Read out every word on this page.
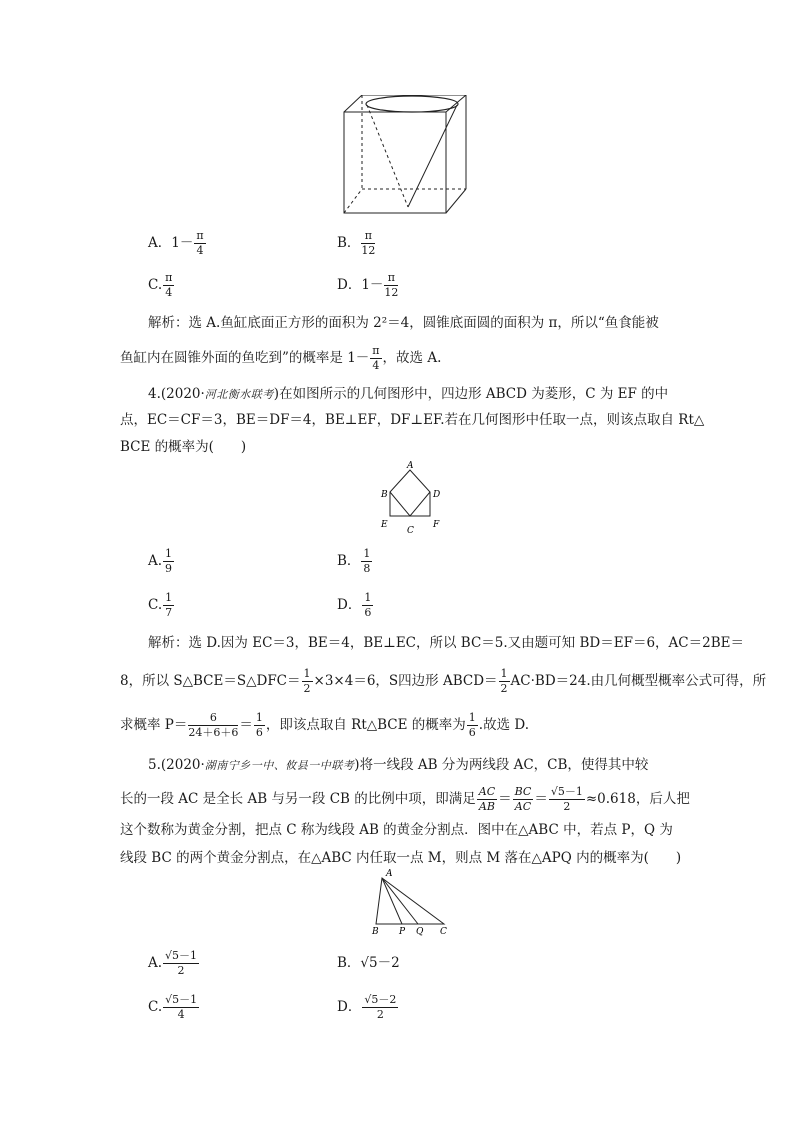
A．$1- \frac{\pi}{4}$	B． $\frac{\pi}{12}$
C. $\frac{\pi}{4}$	D．$1- \frac{\pi}{12}$
解析：选 A.鱼缸底面正方形的面积为 2²＝4，圆锥底面圆的面积为 π，所以“鱼食能被
鱼缸内在圆锥外面的鱼吃到”的概率是 $1- \frac{\pi}{4}$ ，故选 A.
4.(2020·河北衡水联考)在如图所示的几何图形中，四边形 ABCD 为菱形，C 为 EF 的中
点，EC＝CF＝3，BE＝DF＝4，BE⊥EF，DF⊥EF.若在几何图形中任取一点，则该点取自 Rt△
BCE 的概率为(　　)
A
B	D
E
C
F
A. $\frac{1}{9}$	B． $\frac{1}{8}$
C. $\frac{1}{7}$	D． $\frac{1}{6}$
解析：选 D.因为 EC＝3，BE＝4，BE⊥EC，所以 BC＝5.又由题可知 BD＝EF＝6，AC＝2BE＝
8，所以 S△BCE＝S△DFC＝ $\frac{1}{2} \times 3\times 4=6$，S四边形 ABCD＝ $\frac{1}{2} AC\cdot BD=24$.由几何概型概率公式可得，所
求概率 $P= \frac{6}{24+6+6} = \frac{1}{6}$ ，即该点取自 Rt△BCE 的概率为 $\frac{1}{6}$ .故选 D.
5.(2020·湖南宁乡一中、攸县一中联考)将一线段 AB 分为两线段 AC，CB，使得其中较
长的一段 AC 是全长 AB 与另一段 CB 的比例中项，即满足 $\frac{AC}{AB} = \frac{BC}{AC} = \frac{√5-1}{2} \approx 0.618$，后人把
这个数称为黄金分割，把点 C 称为线段 AB 的黄金分割点．图中在△ABC 中，若点 P，Q 为
线段 BC 的两个黄金分割点，在△ABC 内任取一点 M，则点 M 落在△APQ 内的概率为(　　)
A
B P Q C
A. $\frac{√5-1}{2}$	B．√5－2
C. $\frac{√5-1}{4}$	D． $\frac{√5-2}{2}$
